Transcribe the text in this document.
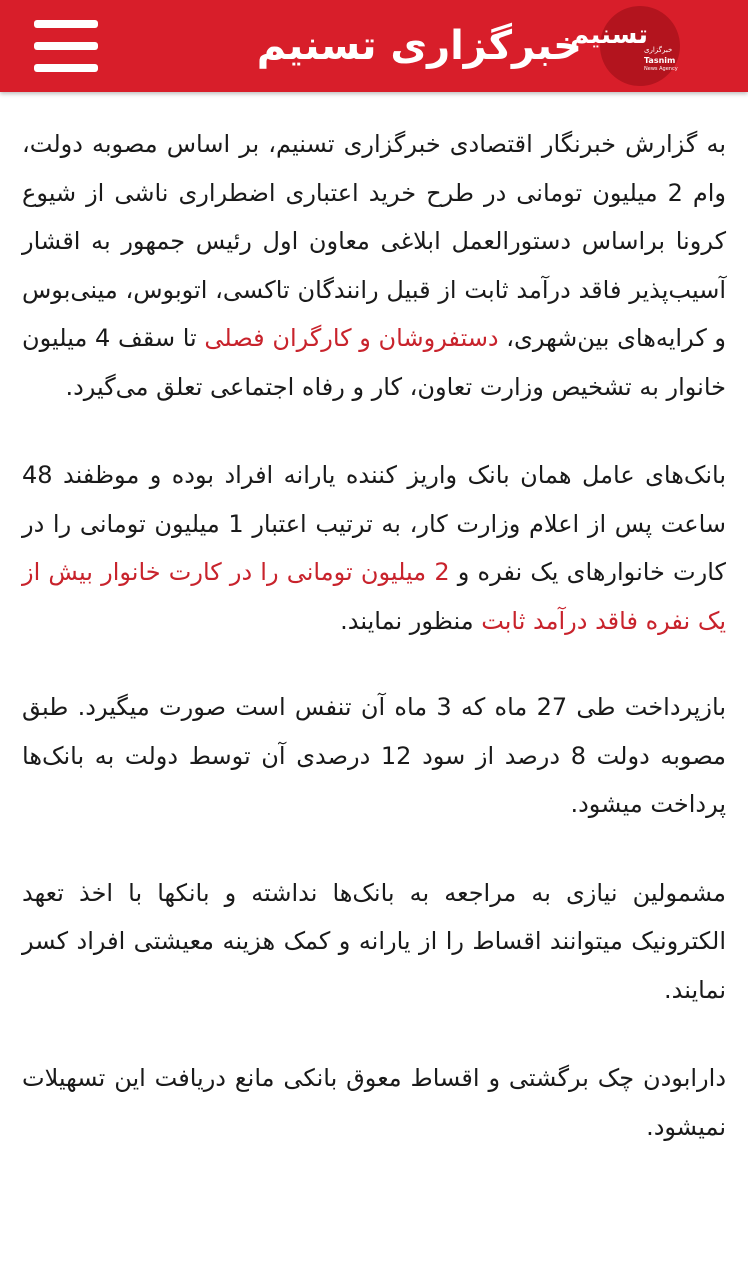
خبرگزاری تسنیم
تسنیم
خبرگزاری
Tasnim
News Agency

به گزارش خبرنگار اقتصادی خبرگزاری تسنیم، بر اساس مصوبه دولت، وام 2 میلیون تومانی در طرح خرید اعتباری اضطراری ناشی از شیوع کرونا براساس دستورالعمل ابلاغی معاون اول رئیس جمهور به اقشار آسیب‌پذیر فاقد درآمد ثابت از قبیل رانندگان تاکسی، اتوبوس، مینی‌بوس و کرایه‌های بین‌شهری، دستفروشان و کارگران فصلی تا سقف 4 میلیون خانوار به تشخیص وزارت تعاون، کار و رفاه اجتماعی تعلق می‌گیرد.

بانک‌های عامل همان بانک واریز کننده یارانه افراد بوده و موظفند 48 ساعت پس از اعلام وزارت کار، به ترتیب اعتبار 1 میلیون تومانی را در کارت خانوارهای یک نفره و 2 میلیون تومانی را در کارت خانوار بیش از یک نفره فاقد درآمد ثابت منظور نمایند.

بازپرداخت طی 27 ماه که 3 ماه آن تنفس است صورت میگیرد. طبق مصوبه دولت 8 درصد از سود 12 درصدی آن توسط دولت به بانک‌ها پرداخت میشود.

مشمولین نیازی به مراجعه به بانک‌ها نداشته و بانکها با اخذ تعهد الکترونیک میتوانند اقساط را از یارانه و کمک هزینه معیشتی افراد کسر نمایند.

دارابودن چک برگشتی و اقساط معوق بانکی مانع دریافت این تسهیلات نمیشود.
